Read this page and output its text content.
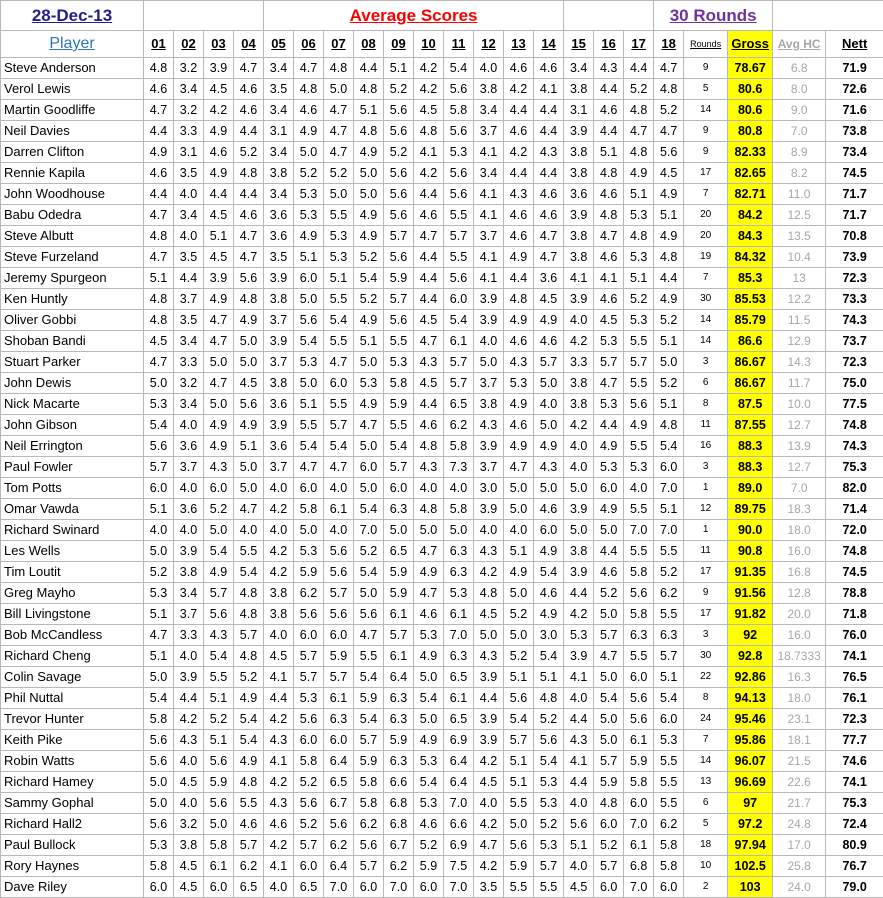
28-Dec-13					Average Scores													30 Rounds				
Player	01	02	03	04	05	06	07	08	09	10	11	12	13	14	15	16	17	18	Rounds	Gross	Avg HC	Nett
Steve Anderson	4.8	3.2	3.9	4.7	3.4	4.7	4.8	4.4	5.1	4.2	5.4	4.0	4.6	4.6	3.4	4.3	4.4	4.7	9	78.67	6.8	71.9
Verol Lewis	4.6	3.4	4.5	4.6	3.5	4.8	5.0	4.8	5.2	4.2	5.6	3.8	4.2	4.1	3.8	4.4	5.2	4.8	5	80.6	8.0	72.6
Martin Goodliffe	4.7	3.2	4.2	4.6	3.4	4.6	4.7	5.1	5.6	4.5	5.8	3.4	4.4	4.4	3.1	4.6	4.8	5.2	14	80.6	9.0	71.6
Neil Davies	4.4	3.3	4.9	4.4	3.1	4.9	4.7	4.8	5.6	4.8	5.6	3.7	4.6	4.4	3.9	4.4	4.7	4.7	9	80.8	7.0	73.8
Darren Clifton	4.9	3.1	4.6	5.2	3.4	5.0	4.7	4.9	5.2	4.1	5.3	4.1	4.2	4.3	3.8	5.1	4.8	5.6	9	82.33	8.9	73.4
Rennie Kapila	4.6	3.5	4.9	4.8	3.8	5.2	5.2	5.0	5.6	4.2	5.6	3.4	4.4	4.4	3.8	4.8	4.9	4.5	17	82.65	8.2	74.5
John Woodhouse	4.4	4.0	4.4	4.4	3.4	5.3	5.0	5.0	5.6	4.4	5.6	4.1	4.3	4.6	3.6	4.6	5.1	4.9	7	82.71	11.0	71.7
Babu Odedra	4.7	3.4	4.5	4.6	3.6	5.3	5.5	4.9	5.6	4.6	5.5	4.1	4.6	4.6	3.9	4.8	5.3	5.1	20	84.2	12.5	71.7
Steve Albutt	4.8	4.0	5.1	4.7	3.6	4.9	5.3	4.9	5.7	4.7	5.7	3.7	4.6	4.7	3.8	4.7	4.8	4.9	20	84.3	13.5	70.8
Steve Furzeland	4.7	3.5	4.5	4.7	3.5	5.1	5.3	5.2	5.6	4.4	5.5	4.1	4.9	4.7	3.8	4.6	5.3	4.8	19	84.32	10.4	73.9
Jeremy Spurgeon	5.1	4.4	3.9	5.6	3.9	6.0	5.1	5.4	5.9	4.4	5.6	4.1	4.4	3.6	4.1	4.1	5.1	4.4	7	85.3	13	72.3
Ken Huntly	4.8	3.7	4.9	4.8	3.8	5.0	5.5	5.2	5.7	4.4	6.0	3.9	4.8	4.5	3.9	4.6	5.2	4.9	30	85.53	12.2	73.3
Oliver Gobbi	4.8	3.5	4.7	4.9	3.7	5.6	5.4	4.9	5.6	4.5	5.4	3.9	4.9	4.9	4.0	4.5	5.3	5.2	14	85.79	11.5	74.3
Shoban Bandi	4.5	3.4	4.7	5.0	3.9	5.4	5.5	5.1	5.5	4.7	6.1	4.0	4.6	4.6	4.2	5.3	5.5	5.1	14	86.6	12.9	73.7
Stuart Parker	4.7	3.3	5.0	5.0	3.7	5.3	4.7	5.0	5.3	4.3	5.7	5.0	4.3	5.7	3.3	5.7	5.7	5.0	3	86.67	14.3	72.3
John Dewis	5.0	3.2	4.7	4.5	3.8	5.0	6.0	5.3	5.8	4.5	5.7	3.7	5.3	5.0	3.8	4.7	5.5	5.2	6	86.67	11.7	75.0
Nick Macarte	5.3	3.4	5.0	5.6	3.6	5.1	5.5	4.9	5.9	4.4	6.5	3.8	4.9	4.0	3.8	5.3	5.6	5.1	8	87.5	10.0	77.5
John Gibson	5.4	4.0	4.9	4.9	3.9	5.5	5.7	4.7	5.5	4.6	6.2	4.3	4.6	5.0	4.2	4.4	4.9	4.8	11	87.55	12.7	74.8
Neil Errington	5.6	3.6	4.9	5.1	3.6	5.4	5.4	5.0	5.4	4.8	5.8	3.9	4.9	4.9	4.0	4.9	5.5	5.4	16	88.3	13.9	74.3
Paul Fowler	5.7	3.7	4.3	5.0	3.7	4.7	4.7	6.0	5.7	4.3	7.3	3.7	4.7	4.3	4.0	5.3	5.3	6.0	3	88.3	12.7	75.3
Tom Potts	6.0	4.0	6.0	5.0	4.0	6.0	4.0	5.0	6.0	4.0	4.0	3.0	5.0	5.0	5.0	6.0	4.0	7.0	1	89.0	7.0	82.0
Omar Vawda	5.1	3.6	5.2	4.7	4.2	5.8	6.1	5.4	6.3	4.8	5.8	3.9	5.0	4.6	3.9	4.9	5.5	5.1	12	89.75	18.3	71.4
Richard Swinard	4.0	4.0	5.0	4.0	4.0	5.0	4.0	7.0	5.0	5.0	5.0	4.0	4.0	6.0	5.0	5.0	7.0	7.0	1	90.0	18.0	72.0
Les Wells	5.0	3.9	5.4	5.5	4.2	5.3	5.6	5.2	6.5	4.7	6.3	4.3	5.1	4.9	3.8	4.4	5.5	5.5	11	90.8	16.0	74.8
Tim Loutit	5.2	3.8	4.9	5.4	4.2	5.9	5.6	5.4	5.9	4.9	6.3	4.2	4.9	5.4	3.9	4.6	5.8	5.2	17	91.35	16.8	74.5
Greg Mayho	5.3	3.4	5.7	4.8	3.8	6.2	5.7	5.0	5.9	4.7	5.3	4.8	5.0	4.6	4.4	5.2	5.6	6.2	9	91.56	12.8	78.8
Bill Livingstone	5.1	3.7	5.6	4.8	3.8	5.6	5.6	5.6	6.1	4.6	6.1	4.5	5.2	4.9	4.2	5.0	5.8	5.5	17	91.82	20.0	71.8
Bob McCandless	4.7	3.3	4.3	5.7	4.0	6.0	6.0	4.7	5.7	5.3	7.0	5.0	5.0	3.0	5.3	5.7	6.3	6.3	3	92	16.0	76.0
Richard Cheng	5.1	4.0	5.4	4.8	4.5	5.7	5.9	5.5	6.1	4.9	6.3	4.3	5.2	5.4	3.9	4.7	5.5	5.7	30	92.8	18.7333	74.1
Colin Savage	5.0	3.9	5.5	5.2	4.1	5.7	5.7	5.4	6.4	5.0	6.5	3.9	5.1	5.1	4.1	5.0	6.0	5.1	22	92.86	16.3	76.5
Phil Nuttal	5.4	4.4	5.1	4.9	4.4	5.3	6.1	5.9	6.3	5.4	6.1	4.4	5.6	4.8	4.0	5.4	5.6	5.4	8	94.13	18.0	76.1
Trevor Hunter	5.8	4.2	5.2	5.4	4.2	5.6	6.3	5.4	6.3	5.0	6.5	3.9	5.4	5.2	4.4	5.0	5.6	6.0	24	95.46	23.1	72.3
Keith Pike	5.6	4.3	5.1	5.4	4.3	6.0	6.0	5.7	5.9	4.9	6.9	3.9	5.7	5.6	4.3	5.0	6.1	5.3	7	95.86	18.1	77.7
Robin Watts	5.6	4.0	5.6	4.9	4.1	5.8	6.4	5.9	6.3	5.3	6.4	4.2	5.1	5.4	4.1	5.7	5.9	5.5	14	96.07	21.5	74.6
Richard Hamey	5.0	4.5	5.9	4.8	4.2	5.2	6.5	5.8	6.6	5.4	6.4	4.5	5.1	5.3	4.4	5.9	5.8	5.5	13	96.69	22.6	74.1
Sammy Gophal	5.0	4.0	5.6	5.5	4.3	5.6	6.7	5.8	6.8	5.3	7.0	4.0	5.5	5.3	4.0	4.8	6.0	5.5	6	97	21.7	75.3
Richard Hall2	5.6	3.2	5.0	4.6	4.6	5.2	5.6	6.2	6.8	4.6	6.6	4.2	5.0	5.2	5.6	6.0	7.0	6.2	5	97.2	24.8	72.4
Paul Bullock	5.3	3.8	5.8	5.7	4.2	5.7	6.2	5.6	6.7	5.2	6.9	4.7	5.6	5.3	5.1	5.2	6.1	5.8	18	97.94	17.0	80.9
Rory Haynes	5.8	4.5	6.1	6.2	4.1	6.0	6.4	5.7	6.2	5.9	7.5	4.2	5.9	5.7	4.0	5.7	6.8	5.8	10	102.5	25.8	76.7
Dave Riley	6.0	4.5	6.0	6.5	4.0	6.5	7.0	6.0	7.0	6.0	7.0	3.5	5.5	5.5	4.5	6.0	7.0	6.0	2	103	24.0	79.0
